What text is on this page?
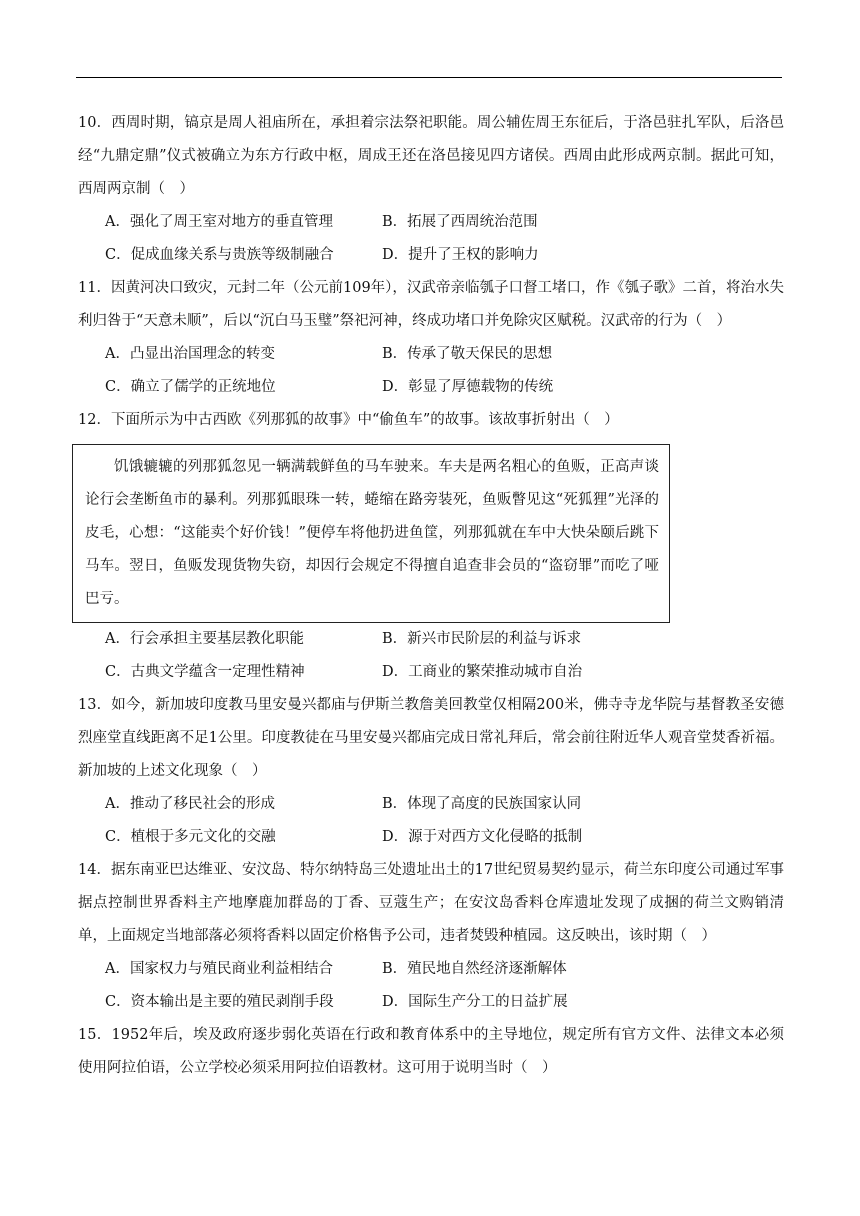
10．西周时期，镐京是周人祖庙所在，承担着宗法祭祀职能。周公辅佐周王东征后，于洛邑驻扎军队，后洛邑经“九鼎定鼎”仪式被确立为东方行政中枢，周成王还在洛邑接见四方诸侯。西周由此形成两京制。据此可知，西周两京制（　）

A．强化了周王室对地方的垂直管理	B．拓展了西周统治范围
C．促成血缘关系与贵族等级制融合	D．提升了王权的影响力

11．因黄河决口致灾，元封二年（公元前109年），汉武帝亲临瓠子口督工堵口，作《瓠子歌》二首，将治水失利归咎于“天意未顺”，后以“沉白马玉璧”祭祀河神，终成功堵口并免除灾区赋税。汉武帝的行为（　）

A．凸显出治国理念的转变	B．传承了敬天保民的思想
C．确立了儒学的正统地位	D．彰显了厚德载物的传统

12．下面所示为中古西欧《列那狐的故事》中“偷鱼车”的故事。该故事折射出（　）

饥饿辘辘的列那狐忽见一辆满载鲜鱼的马车驶来。车夫是两名粗心的鱼贩，正高声谈论行会垄断鱼市的暴利。列那狐眼珠一转，蜷缩在路旁装死，鱼贩瞥见这“死狐狸”光泽的皮毛，心想：“这能卖个好价钱！”便停车将他扔进鱼筐，列那狐就在车中大快朵颐后跳下马车。翌日，鱼贩发现货物失窃，却因行会规定不得擅自追查非会员的“盗窃罪”而吃了哑巴亏。
A．行会承担主要基层教化职能	B．新兴市民阶层的利益与诉求
C．古典文学蕴含一定理性精神	D．工商业的繁荣推动城市自治

13．如今，新加坡印度教马里安曼兴都庙与伊斯兰教詹美回教堂仅相隔200米，佛寺寺龙华院与基督教圣安德烈座堂直线距离不足1公里。印度教徒在马里安曼兴都庙完成日常礼拜后，常会前往附近华人观音堂焚香祈福。新加坡的上述文化现象（　）

A．推动了移民社会的形成	B．体现了高度的民族国家认同
C．植根于多元文化的交融	D．源于对西方文化侵略的抵制

14．据东南亚巴达维亚、安汶岛、特尔纳特岛三处遗址出土的17世纪贸易契约显示，荷兰东印度公司通过军事据点控制世界香料主产地摩鹿加群岛的丁香、豆蔻生产；在安汶岛香料仓库遗址发现了成捆的荷兰文购销清单，上面规定当地部落必须将香料以固定价格售予公司，违者焚毁种植园。这反映出，该时期（　）

A．国家权力与殖民商业利益相结合	B．殖民地自然经济逐渐解体
C．资本输出是主要的殖民剥削手段	D．国际生产分工的日益扩展

15．1952年后，埃及政府逐步弱化英语在行政和教育体系中的主导地位，规定所有官方文件、法律文本必须使用阿拉伯语，公立学校必须采用阿拉伯语教材。这可用于说明当时（　）
